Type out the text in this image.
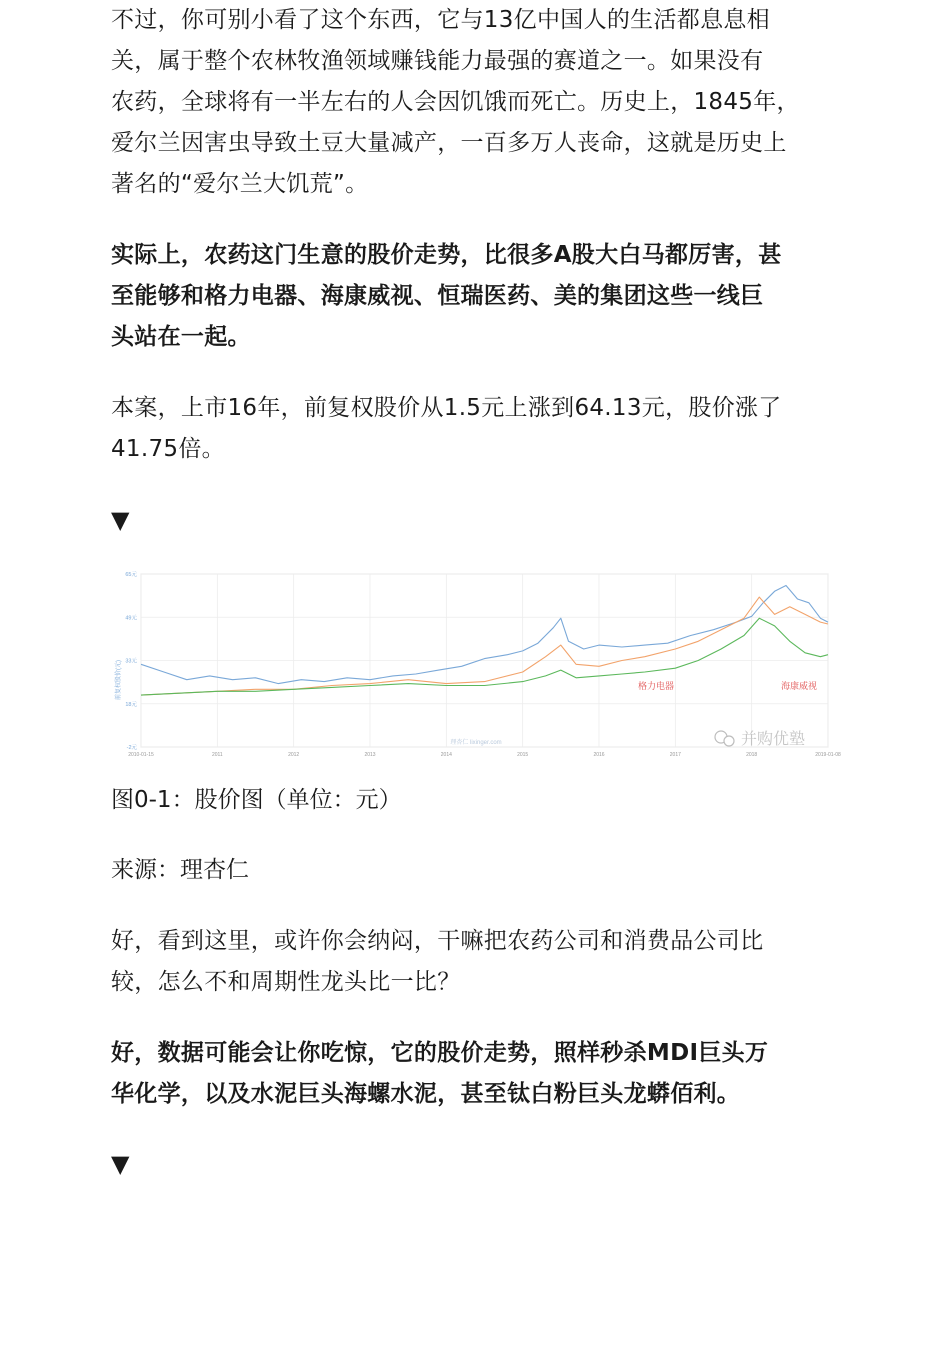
不过，你可别小看了这个东西，它与13亿中国人的生活都息息相
关，属于整个农林牧渔领域赚钱能力最强的赛道之一。如果没有
农药，全球将有一半左右的人会因饥饿而死亡。历史上，1845年，
爱尔兰因害虫导致土豆大量减产，一百多万人丧命，这就是历史上
著名的“爱尔兰大饥荒”。

实际上，农药这门生意的股价走势，比很多A股大白马都厉害，甚
至能够和格力电器、海康威视、恒瑞医药、美的集团这些一线巨
头站在一起。

本案，上市16年，前复权股价从1.5元上涨到64.13元，股价涨了
41.75倍。

▼
图0-1：股价图（单位：元）
来源：理杏仁

好，看到这里，或许你会纳闷，干嘛把农药公司和消费品公司比
较，怎么不和周期性龙头比一比？

好，数据可能会让你吃惊，它的股价走势，照样秒杀MDI巨头万
华化学，以及水泥巨头海螺水泥，甚至钛白粉巨头龙蟒佰利。

▼
65元
49元
33元
18元
-2元
2010-01-15	2011	2012	2013	2014	2015	2016	2017	2018	2019-01-08
前复权股价(元)	格力电器	海康威视
理杏仁 lixinger.com	并购优塾
